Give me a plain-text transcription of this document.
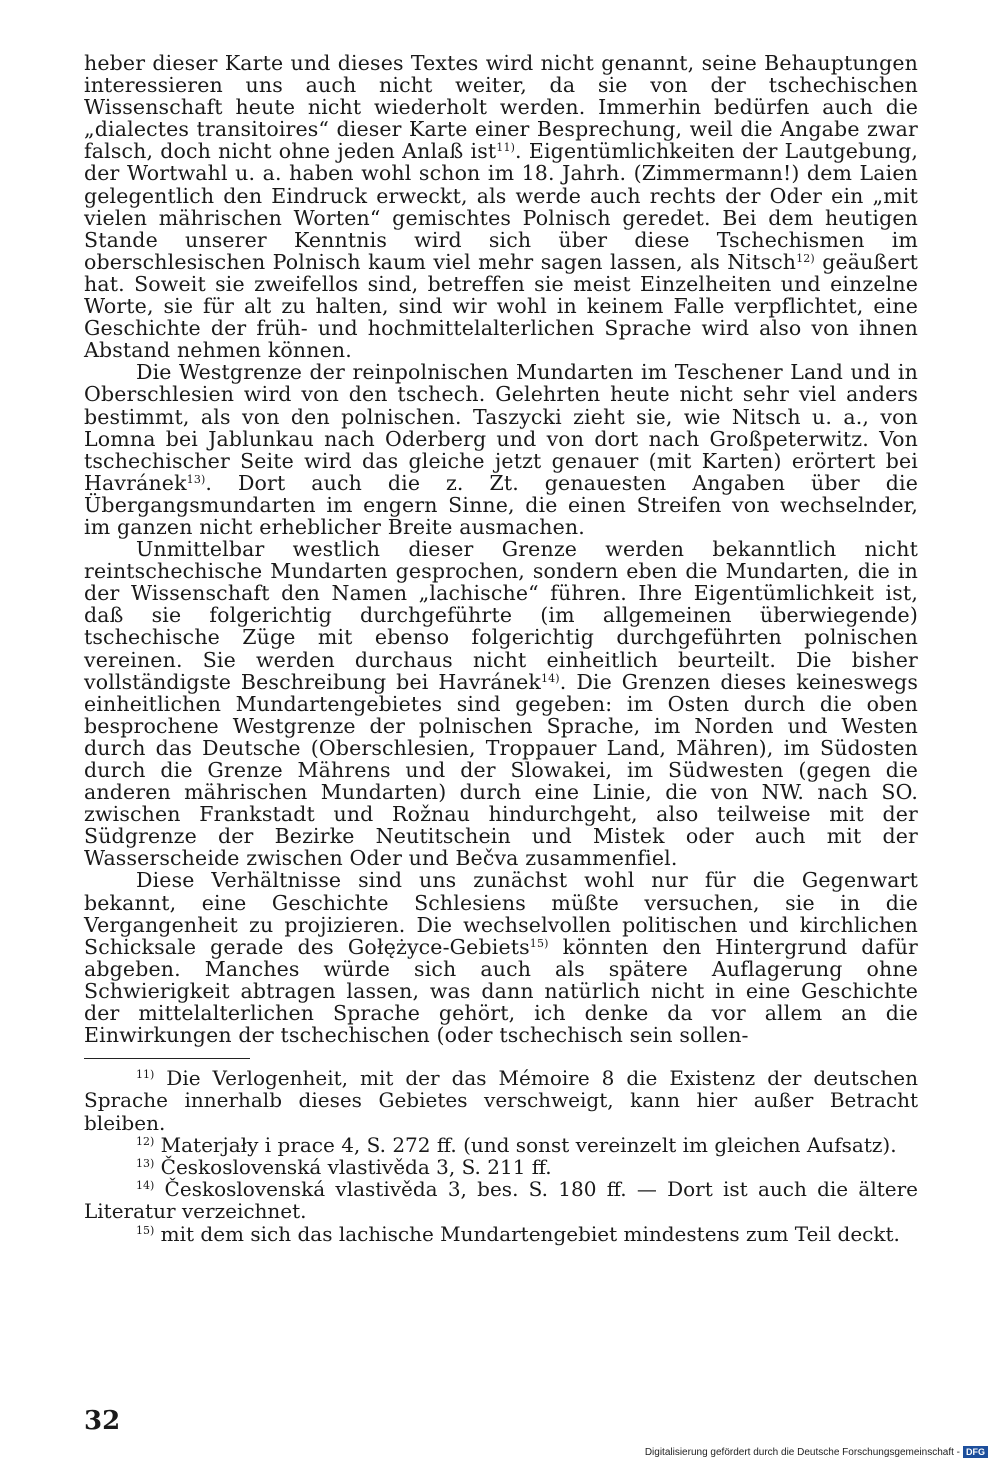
heber dieser Karte und dieses Textes wird nicht genannt, seine Behauptungen interessieren uns auch nicht weiter, da sie von der tschechischen Wissenschaft heute nicht wiederholt werden. Immerhin bedürfen auch die „dialectes transitoires“ dieser Karte einer Besprechung, weil die Angabe zwar falsch, doch nicht ohne jeden Anlaß ist$^{11)}$. Eigentümlichkeiten der Lautgebung, der Wortwahl u. a. haben wohl schon im 18. Jahrh. (Zimmermann!) dem Laien gelegentlich den Eindruck erweckt, als werde auch rechts der Oder ein „mit vielen mährischen Worten“ gemischtes Polnisch geredet. Bei dem heutigen Stande unserer Kenntnis wird sich über diese Tschechismen im oberschlesischen Polnisch kaum viel mehr sagen lassen, als Nitsch$^{12)}$ geäußert hat. Soweit sie zweifellos sind, betreffen sie meist Einzelheiten und einzelne Worte, sie für alt zu halten, sind wir wohl in keinem Falle verpflichtet, eine Geschichte der früh- und hochmittelalterlichen Sprache wird also von ihnen Abstand nehmen können.

Die Westgrenze der reinpolnischen Mundarten im Teschener Land und in Oberschlesien wird von den tschech. Gelehrten heute nicht sehr viel anders bestimmt, als von den polnischen. Taszycki zieht sie, wie Nitsch u. a., von Lomna bei Jablunkau nach Oderberg und von dort nach Großpeterwitz. Von tschechischer Seite wird das gleiche jetzt genauer (mit Karten) erörtert bei Havránek$^{13)}$. Dort auch die z. Zt. genauesten Angaben über die Übergangsmundarten im engern Sinne, die einen Streifen von wechselnder, im ganzen nicht erheblicher Breite ausmachen.

Unmittelbar westlich dieser Grenze werden bekanntlich nicht reintschechische Mundarten gesprochen, sondern eben die Mundarten, die in der Wissenschaft den Namen „lachische“ führen. Ihre Eigentümlichkeit ist, daß sie folgerichtig durchgeführte (im allgemeinen überwiegende) tschechische Züge mit ebenso folgerichtig durchgeführten polnischen vereinen. Sie werden durchaus nicht einheitlich beurteilt. Die bisher vollständigste Beschreibung bei Havránek$^{14)}$. Die Grenzen dieses keineswegs einheitlichen Mundartengebietes sind gegeben: im Osten durch die oben besprochene Westgrenze der polnischen Sprache, im Norden und Westen durch das Deutsche (Oberschlesien, Troppauer Land, Mähren), im Südosten durch die Grenze Mährens und der Slowakei, im Südwesten (gegen die anderen mährischen Mundarten) durch eine Linie, die von NW. nach SO. zwischen Frankstadt und Rožnau hindurchgeht, also teilweise mit der Südgrenze der Bezirke Neutitschein und Mistek oder auch mit der Wasserscheide zwischen Oder und Bečva zusammenfiel.

Diese Verhältnisse sind uns zunächst wohl nur für die Gegenwart bekannt, eine Geschichte Schlesiens müßte versuchen, sie in die Vergangenheit zu projizieren. Die wechselvollen politischen und kirchlichen Schicksale gerade des Gołężyce-Gebiets$^{15)}$ könnten den Hintergrund dafür abgeben. Manches würde sich auch als spätere Auflagerung ohne Schwierigkeit abtragen lassen, was dann natürlich nicht in eine Geschichte der mittelalterlichen Sprache gehört, ich denke da vor allem an die Einwirkungen der tschechischen (oder tschechisch sein sollen-

$^{11)}$ Die Verlogenheit, mit der das Mémoire 8 die Existenz der deutschen Sprache innerhalb dieses Gebietes verschweigt, kann hier außer Betracht bleiben.

$^{12)}$ Materjały i prace 4, S. 272 ff. (und sonst vereinzelt im gleichen Aufsatz).

$^{13)}$ Československá vlastivěda 3, S. 211 ff.

$^{14)}$ Československá vlastivěda 3, bes. S. 180 ff. — Dort ist auch die ältere Literatur verzeichnet.

$^{15)}$ mit dem sich das lachische Mundartengebiet mindestens zum Teil deckt.

32
Digitalisierung gefördert durch die Deutsche Forschungsgemeinschaft - DFG
